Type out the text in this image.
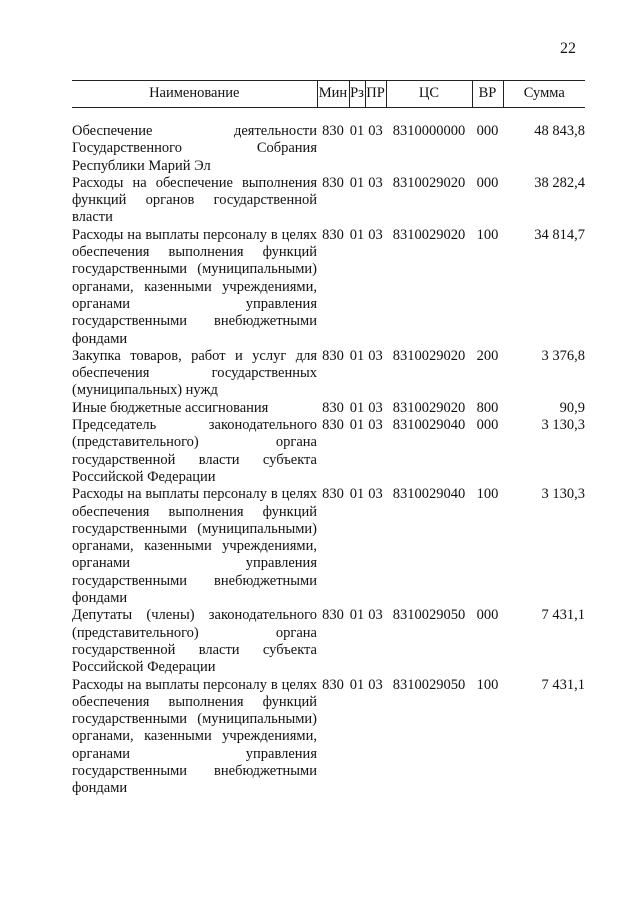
22
Наименование	Мин	Рз	ПР	ЦС	ВР	Сумма

Обеспечение деятельности Государственного Собрания Республики Марий Эл	830	01	03	8310000000	000	48 843,8
Расходы на обеспечение выполнения функций органов государственной власти	830	01	03	8310029020	000	38 282,4
Расходы на выплаты персоналу в целях обеспечения выполнения функций государственными (муниципальными) органами, казенными учреждениями, органами управления государственными внебюджетными фондами	830	01	03	8310029020	100	34 814,7
Закупка товаров, работ и услуг для обеспечения государственных (муниципальных) нужд	830	01	03	8310029020	200	3 376,8
Иные бюджетные ассигнования	830	01	03	8310029020	800	90,9
Председатель законодательного (представительного) органа государственной власти субъекта Российской Федерации	830	01	03	8310029040	000	3 130,3
Расходы на выплаты персоналу в целях обеспечения выполнения функций государственными (муниципальными) органами, казенными учреждениями, органами управления государственными внебюджетными фондами	830	01	03	8310029040	100	3 130,3
Депутаты (члены) законодательного (представительного) органа государственной власти субъекта Российской Федерации	830	01	03	8310029050	000	7 431,1
Расходы на выплаты персоналу в целях обеспечения выполнения функций государственными (муниципальными) органами, казенными учреждениями, органами управления государственными внебюджетными фондами	830	01	03	8310029050	100	7 431,1
